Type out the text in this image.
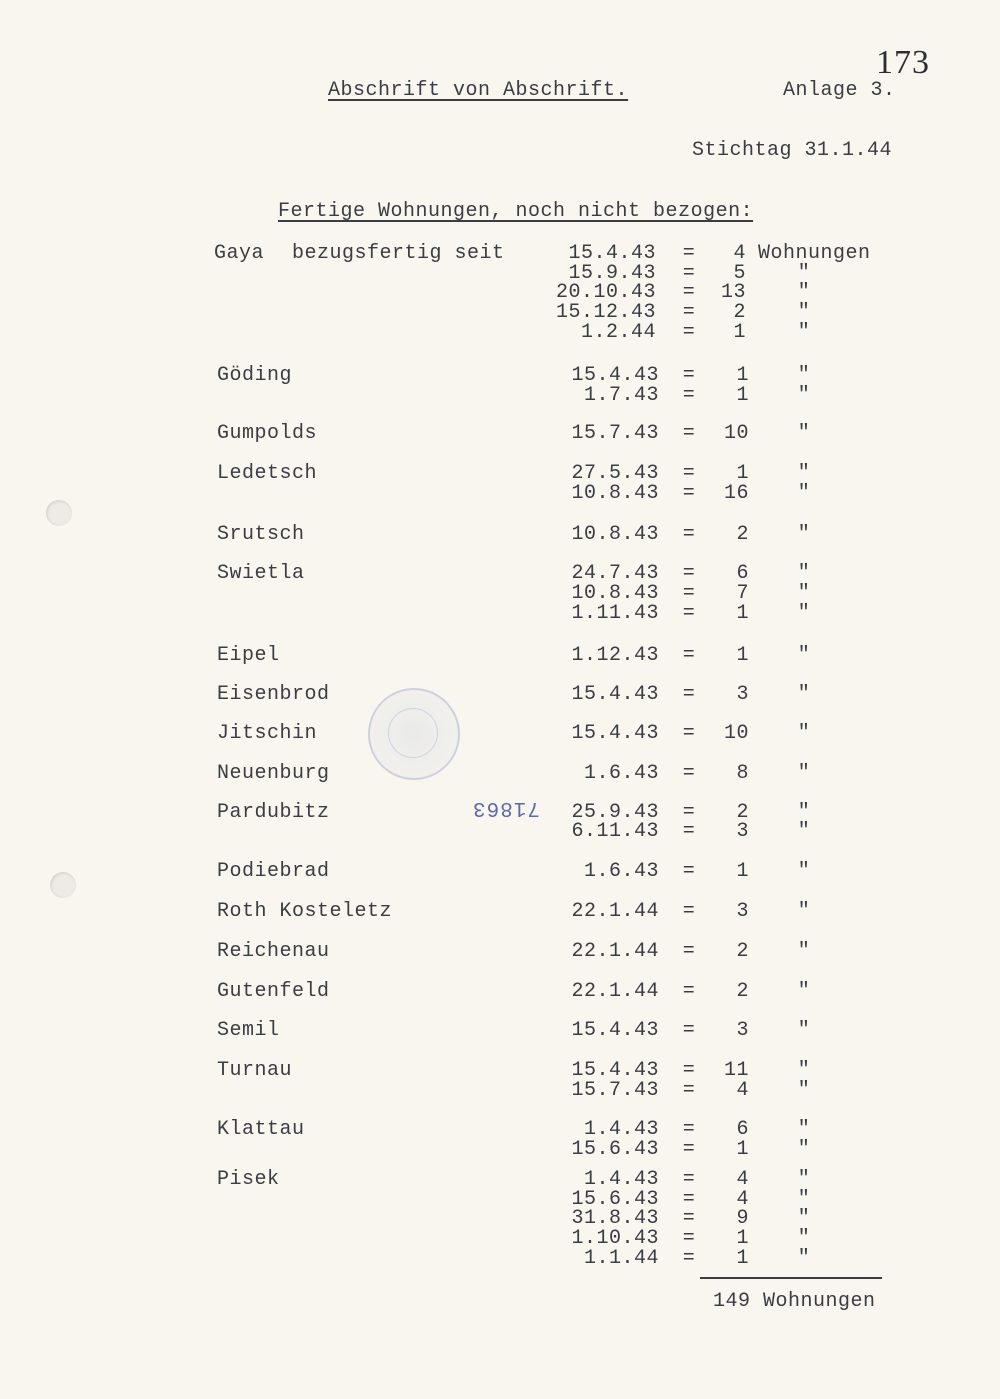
173
Abschrift von Abschrift.	Anlage 3.
Stichtag 31.1.44
Fertige Wohnungen, noch nicht bezogen:
71863
Gaya bezugsfertig seit	15.4.43 =	4 Wohnungen
15.9.43 =	5	"
20.10.43 =	13	"
15.12.43 =	2	"
1.2.44 =	1	"
Göding	15.4.43 =	1 "
1.7.43 =	1 "
Gumpolds	15.7.43 =	10 "
Ledetsch	27.5.43 =	1 "
10.8.43 =	16 "
Srutsch	10.8.43 =	2 "
Swietla	24.7.43 =	6 "
10.8.43 =	7 "
1.11.43 =	1 "
Eipel	1.12.43 =	1 "
Eisenbrod	15.4.43 =	3 "
Jitschin	15.4.43 =	10 "
Neuenburg	1.6.43 =	8 "
Pardubitz	25.9.43 =	2 "
6.11.43 =	3 "
Podiebrad	1.6.43 =	1 "
Roth Kosteletz	22.1.44 =	3 "
Reichenau	22.1.44 =	2 "
Gutenfeld	22.1.44 =	2 "
Semil	15.4.43 =	3 "
Turnau	15.4.43 =	11 "
15.7.43 =	4 "
Klattau	1.4.43 =	6 "
15.6.43 =	1 "
Pisek	1.4.43 =	4 "
15.6.43 =	4 "
31.8.43 =	9 "
1.10.43 =	1 "
1.1.44 =	1 "
149 Wohnungen
